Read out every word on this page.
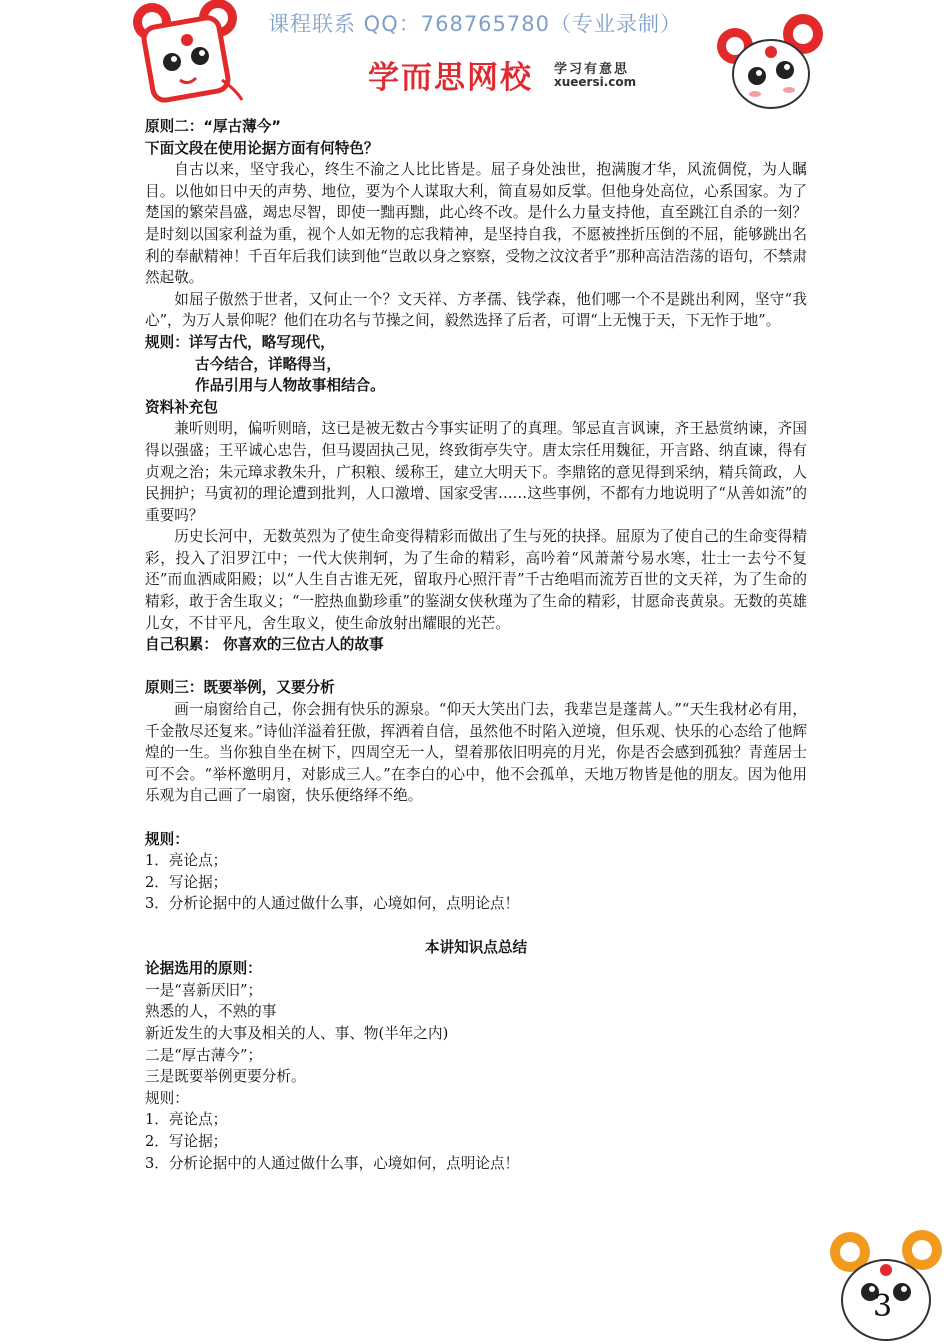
课程联系 QQ：768765780（专业录制）
学而思网校 学习有意思
xueersi.com

原则二：“厚古薄今”

下面文段在使用论据方面有何特色？

自古以来，坚守我心，终生不渝之人比比皆是。屈子身处浊世，抱满腹才华，风流倜傥，为人瞩目。以他如日中天的声势、地位，要为个人谋取大利，简直易如反掌。但他身处高位，心系国家。为了楚国的繁荣昌盛，竭忠尽智，即使一黜再黜，此心终不改。是什么力量支持他，直至跳江自杀的一刻？是时刻以国家利益为重，视个人如无物的忘我精神，是坚持自我，不愿被挫折压倒的不屈，能够跳出名利的奉献精神！千百年后我们读到他“岂敢以身之察察，受物之汶汶者乎”那种高洁浩荡的语句，不禁肃然起敬。

如屈子傲然于世者，又何止一个？文天祥、方孝孺、钱学森，他们哪一个不是跳出利网，坚守“我心”，为万人景仰呢？他们在功名与节操之间，毅然选择了后者，可谓“上无愧于天，下无怍于地”。

规则：详写古代，略写现代，

古今结合，详略得当，

作品引用与人物故事相结合。

资料补充包

兼听则明，偏听则暗，这已是被无数古今事实证明了的真理。邹忌直言讽谏，齐王悬赏纳谏，齐国得以强盛；王平诚心忠告，但马谡固执己见，终致街亭失守。唐太宗任用魏征，开言路、纳直谏，得有贞观之治；朱元璋求教朱升，广积粮、缓称王，建立大明天下。李鼎铭的意见得到采纳，精兵简政，人民拥护；马寅初的理论遭到批判，人口激增、国家受害……这些事例，不都有力地说明了“从善如流”的重要吗？

历史长河中，无数英烈为了使生命变得精彩而做出了生与死的抉择。屈原为了使自己的生命变得精彩，投入了汨罗江中；一代大侠荆轲，为了生命的精彩，高吟着“风萧萧兮易水寒，壮士一去兮不复还”而血洒咸阳殿；以“人生自古谁无死，留取丹心照汗青”千古绝唱而流芳百世的文天祥，为了生命的精彩，敢于舍生取义；“一腔热血勤珍重”的鉴湖女侠秋瑾为了生命的精彩，甘愿命丧黄泉。无数的英雄儿女，不甘平凡，舍生取义，使生命放射出耀眼的光芒。

自己积累： 你喜欢的三位古人的故事

原则三：既要举例，又要分析

画一扇窗给自己，你会拥有快乐的源泉。“仰天大笑出门去，我辈岂是蓬蒿人。”“天生我材必有用，千金散尽还复来。”诗仙洋溢着狂傲，挥洒着自信，虽然他不时陷入逆境，但乐观、快乐的心态给了他辉煌的一生。当你独自坐在树下，四周空无一人，望着那依旧明亮的月光，你是否会感到孤独？青莲居士可不会。“举杯邀明月，对影成三人。”在李白的心中，他不会孤单，天地万物皆是他的朋友。因为他用乐观为自己画了一扇窗，快乐便络绎不绝。

规则：

1．亮论点；

2．写论据；

3．分析论据中的人通过做什么事，心境如何，点明论点！

本讲知识点总结

论据选用的原则：

一是“喜新厌旧”；

熟悉的人，不熟的事

新近发生的大事及相关的人、事、物(半年之内)

二是“厚古薄今”；

三是既要举例更要分析。

规则：

1．亮论点；

2．写论据；

3．分析论据中的人通过做什么事，心境如何，点明论点！

3
